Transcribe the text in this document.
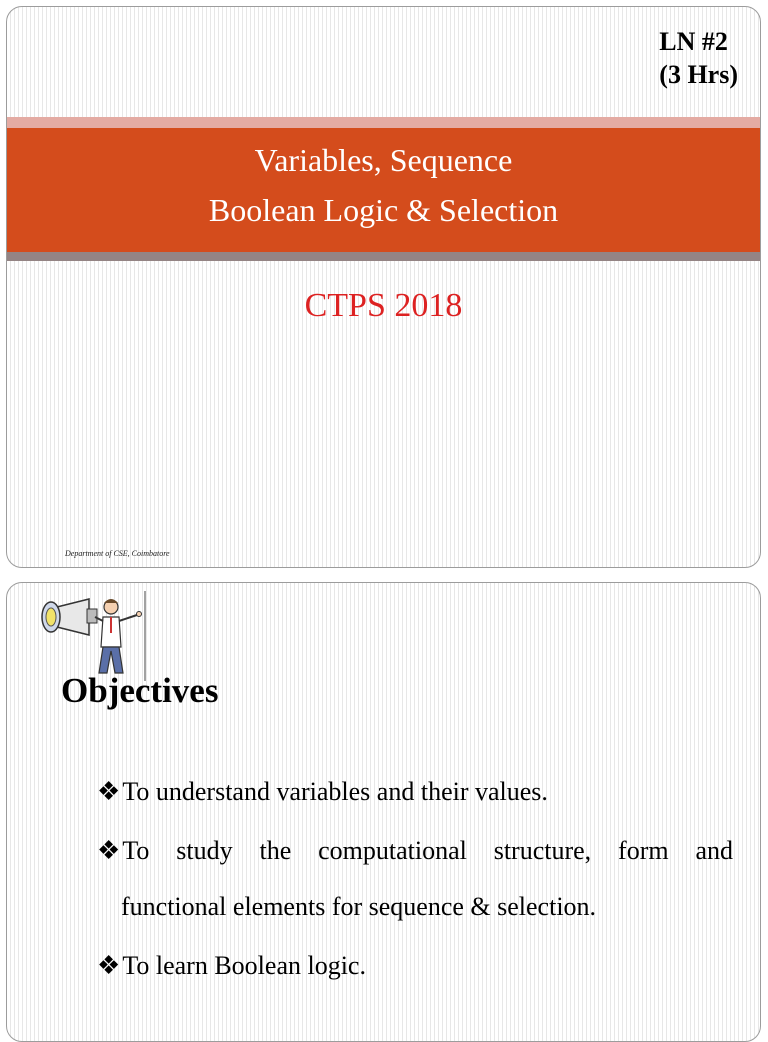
LN #2
(3 Hrs)
Variables, Sequence
Boolean Logic & Selection
CTPS 2018
Department of CSE, Coimbatore
Objectives
❖To understand variables and their values.
❖To study the computational structure, form and
functional elements for sequence & selection.
❖To learn Boolean logic.
